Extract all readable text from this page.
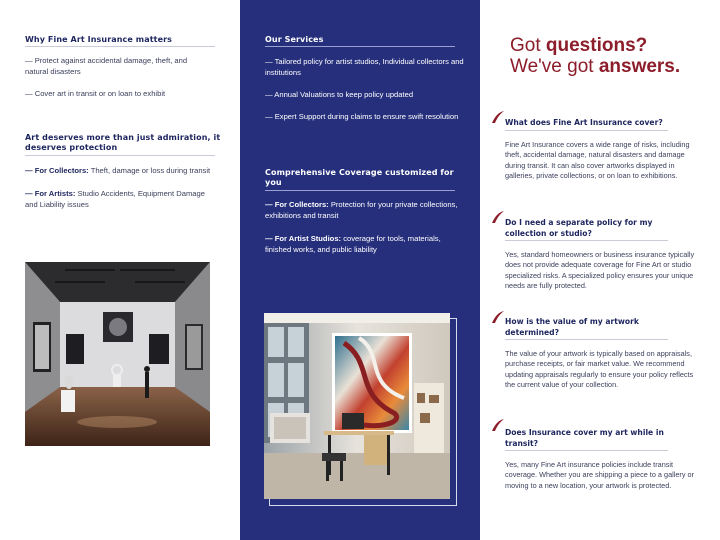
Why Fine Art Insurance matters
— Protect against accidental damage, theft, and natural disasters
— Cover art in transit or on loan to exhibit
Art deserves more than just admiration, it deserves protection
— For Collectors: Theft, damage or loss during transit
— For Artists: Studio Accidents, Equipment Damage and Liability issues
Our Services
— Tailored policy for artist studios, Individual collectors and institutions
— Annual Valuations to keep policy updated
— Expert Support during claims to ensure swift resolution
Comprehensive Coverage customized for you
— For Collectors: Protection for your private collections, exhibitions and transit
— For Artist Studios: coverage for tools, materials, finished works, and public liability
Got questions?
We've got answers.
What does Fine Art Insurance cover?
Fine Art Insurance covers a wide range of risks, including theft, accidental damage, natural disasters and damage during transit. It can also cover artworks displayed in galleries, private collections, or on loan to exhibitions.
Do I need a separate policy for my collection or studio?
Yes, standard homeowners or business insurance typically does not provide adequate coverage for Fine Art or studio specialized risks. A specialized policy ensures your unique needs are fully protected.
How is the value of my artwork determined?
The value of your artwork is typically based on appraisals, purchase receipts, or fair market value. We recommend updating appraisals regularly to ensure your policy reflects the current value of your collection.
Does Insurance cover my art while in transit?
Yes, many Fine Art insurance policies include transit coverage. Whether you are shipping a piece to a gallery or moving to a new location, your artwork is protected.
